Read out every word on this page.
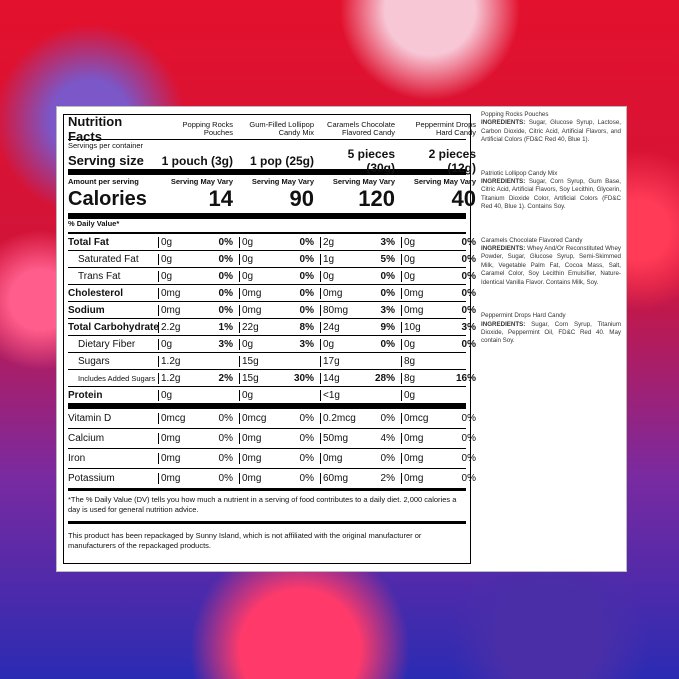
Nutrition Facts
Popping Rocks Pouches
Gum-Filled Lollipop Candy Mix
Caramels Chocolate Flavored Candy
Peppermint Drops Hard Candy
Servings per container
Serving size	1 pouch (3g)	1 pop (25g)	5 pieces (30g)
2 pieces (12g)
Amount per serving	Serving May Vary	Serving May Vary	Serving May Vary	Serving May Vary
Calories	14	90	120	40
% Daily Value*
Total Fat	0g	0% 0g	0% 2g	3% 0g	0%
Saturated Fat	0g	0% 0g	0% 1g	5% 0g	0%
Trans Fat	0g	0% 0g	0% 0g	0% 0g	0%
Cholesterol	0mg	0% 0mg	0% 0mg	0% 0mg	0%
Sodium	0mg	0% 0mg	0% 80mg	3% 0mg	0%
Total Carbohydrate 2.2g	1% 22g	8% 24g	9% 10g	3%
Dietary Fiber	0g	3% 0g	3% 0g	0% 0g	0%
Sugars	1.2g	15g	17g	8g
Includes Added Sugars 1.2g	2% 15g	30% 14g	28% 8g	16%
Protein	0g	0g	<1g	0g
Vitamin D	0mcg	0% 0mcg	0% 0.2mcg 0% 0mcg	0%
Calcium	0mg	0% 0mg	0% 50mg	4% 0mg	0%
Iron	0mg	0% 0mg	0% 0mg	0% 0mg	0%
Potassium	0mg	0% 0mg	0% 60mg	2% 0mg	0%
*The % Daily Value (DV) tells you how much a nutrient in a serving of food contributes to a daily diet. 2,000 calories a day is used for general nutrition advice.
This product has been repackaged by Sunny Island, which is not affiliated with the original manufacturer or manufacturers of the repackaged products.
Popping Rocks Pouches
INGREDIENTS: Sugar, Glucose Syrup, Lactose, Carbon Dioxide, Citric Acid, Artificial Flavors, and Artificial Colors (FD&C Red 40, Blue 1).
Patriotic Lollipop Candy Mix
INGREDIENTS: Sugar, Corn Syrup, Gum Base, Citric Acid, Artificial Flavors, Soy Lecithin, Glycerin, Titanium Dioxide Color, Artificial Colors (FD&C Red 40, Blue 1). Contains Soy.
Caramels Chocolate Flavored Candy
INGREDIENTS: Whey And/Or Reconstituted Whey Powder, Sugar, Glucose Syrup, Semi-Skimmed Milk, Vegetable Palm Fat, Cocoa Mass, Salt, Caramel Color, Soy Lecithin Emulsifier, Nature-Identical Vanilla Flavor. Contains Milk, Soy.
Peppermint Drops Hard Candy
INGREDIENTS: Sugar, Corn Syrup, Titanium Dioxide, Peppermint Oil, FD&C Red 40. May contain Soy.
